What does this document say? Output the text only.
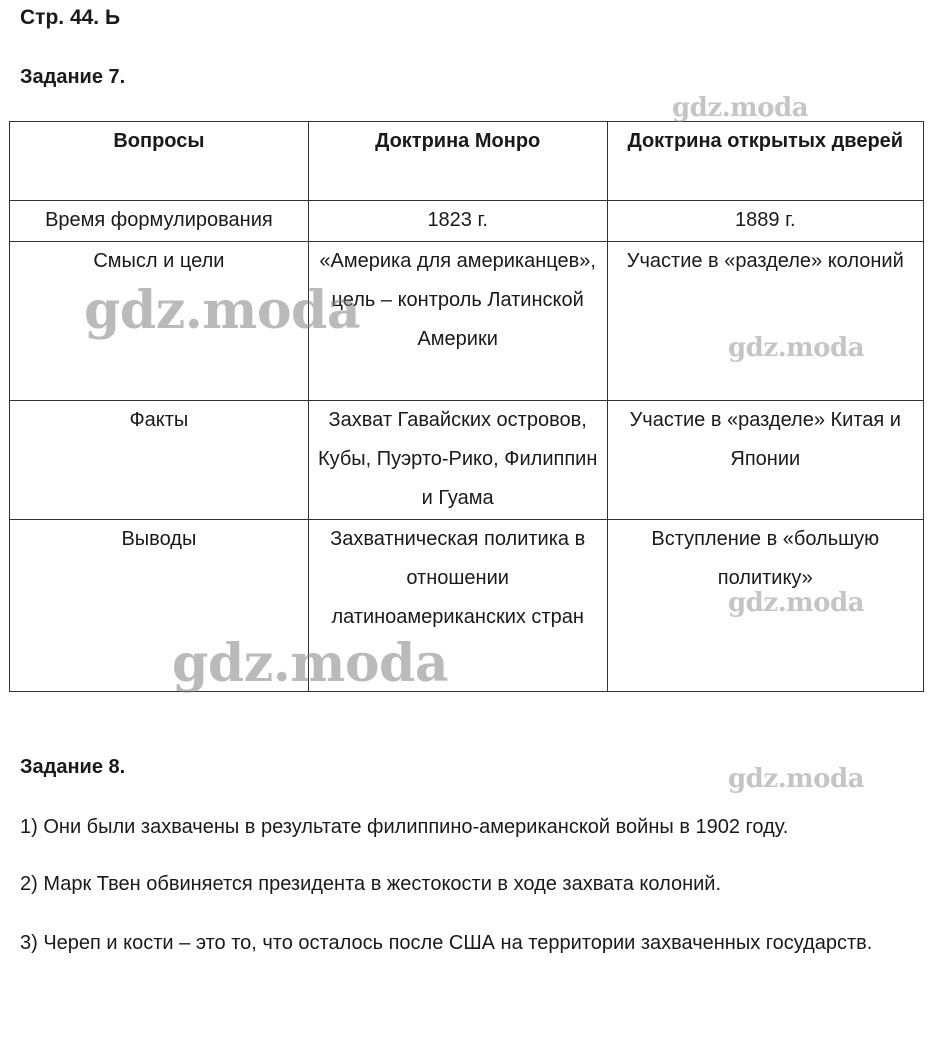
Стр. 44. Ь
Задание 7.
Вопросы	Доктрина Монро	Доктрина открытых дверей
Время формулирования	1823 г.	1889 г.
Смысл и цели	«Америка для американцев», цель – контроль Латинской Америки	Участие в «разделе» колоний
Факты	Захват Гавайских островов, Кубы, Пуэрто-Рико, Филиппин и Гуама	Участие в «разделе» Китая и Японии
Выводы	Захватническая политика в отношении латиноамериканских стран	Вступление в «большую политику»
Задание 8.

1) Они были захвачены в результате филиппино-американской войны в 1902 году.

2) Марк Твен обвиняется президента в жестокости в ходе захвата колоний.

3) Череп и кости – это то, что осталось после США на территории захваченных государств.

gdz.moda
gdz.moda
gdz.moda
gdz.moda
gdz.moda
gdz.moda
